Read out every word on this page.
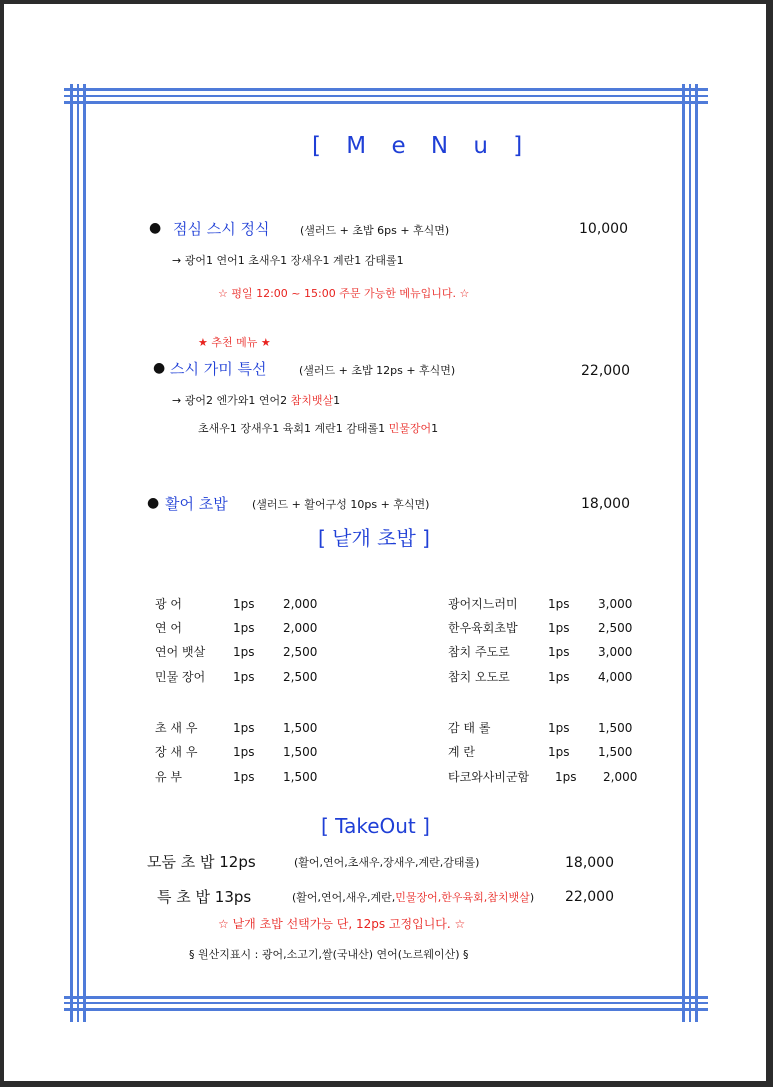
[ M e N u ]
● 점심 스시 정식	(샐러드 + 초밥 6ps + 후식면)	10,000
→ 광어1 연어1 초새우1 장새우1 계란1 감태롤1
☆ 평일 12:00 ~ 15:00 주문 가능한 메뉴입니다. ☆
★ 추천 메뉴 ★
● 스시 가미 특선	(샐러드 + 초밥 12ps + 후식면)	22,000
→ 광어2 엔가와1 연어2 참치뱃살1
초새우1 장새우1 육회1 계란1 감태롤1 민물장어1
● 활어 초밥 (샐러드 + 활어구성 10ps + 후식면)	18,000
[ 낱개 초밥 ]
광 어	1ps 2,000
연 어	1ps 2,000
연어 뱃살 1ps 2,500
민물 장어 1ps 2,500
초 새 우	1ps 1,500
장 새 우	1ps 1,500
유 부	1ps 1,500
광어지느러미	1ps 3,000
한우육회초밥	1ps 2,500
참치 주도로	1ps 3,000
참치 오도로	1ps 4,000
감 태 롤	1ps 1,500
계 란	1ps 1,500
타코와사비군함 1ps 2,000
[ TakeOut ]
모둠 초 밥 12ps	(활어,연어,초새우,장새우,계란,감태롤)	18,000
특 초 밥 13ps	(활어,연어,새우,계란,민물장어,한우육회,참치뱃살) 22,000
☆ 낱개 초밥 선택가능 단, 12ps 고정입니다. ☆
§ 원산지표시 : 광어,소고기,쌀(국내산) 연어(노르웨이산) §
